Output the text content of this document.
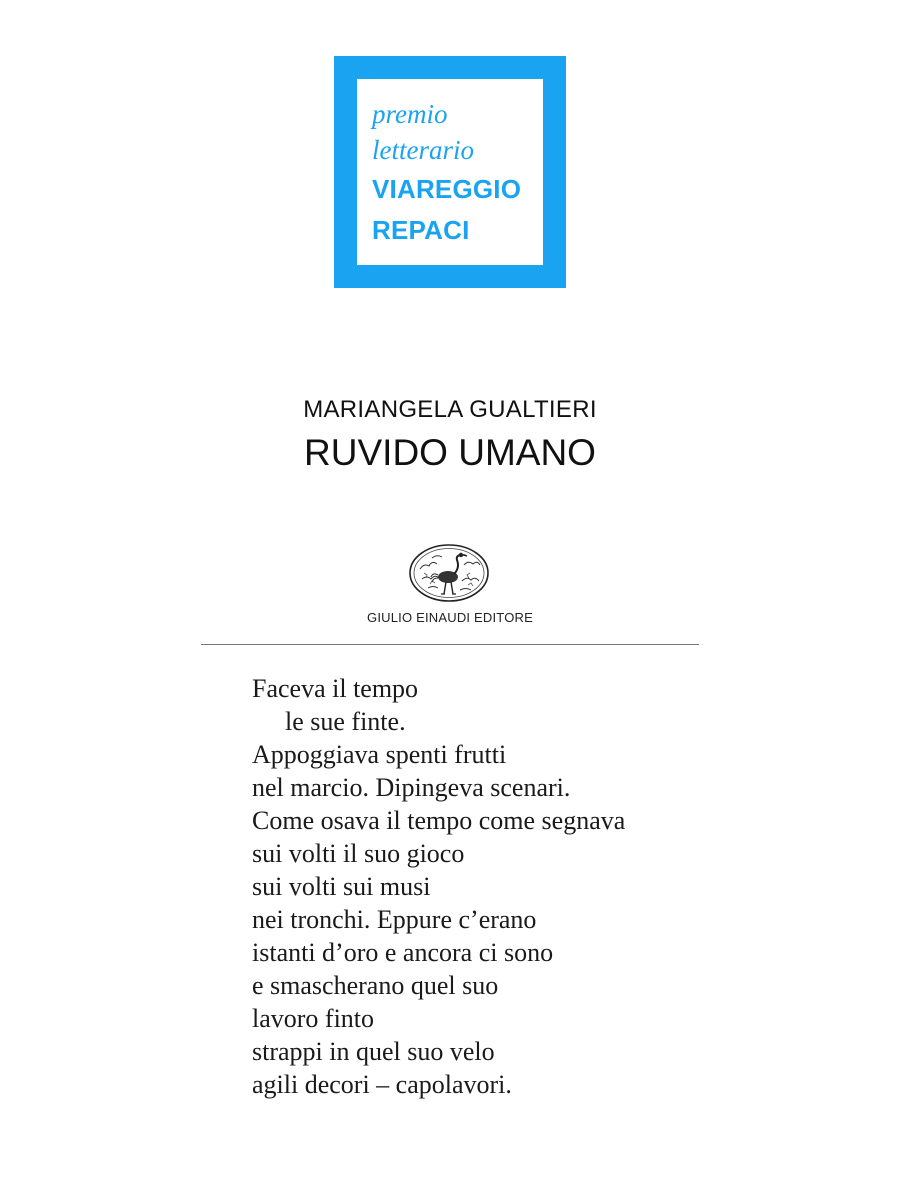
premio
letterario
VIAREGGIO
REPACI
MARIANGELA GUALTIERI
RUVIDO UMANO
GIULIO EINAUDI EDITORE
Faceva il tempo
le sue finte.
Appoggiava spenti frutti
nel marcio. Dipingeva scenari.
Come osava il tempo come segnava
sui volti il suo gioco
sui volti sui musi
nei tronchi. Eppure c’erano
istanti d’oro e ancora ci sono
e smascherano quel suo
lavoro finto
strappi in quel suo velo
agili decori – capolavori.
